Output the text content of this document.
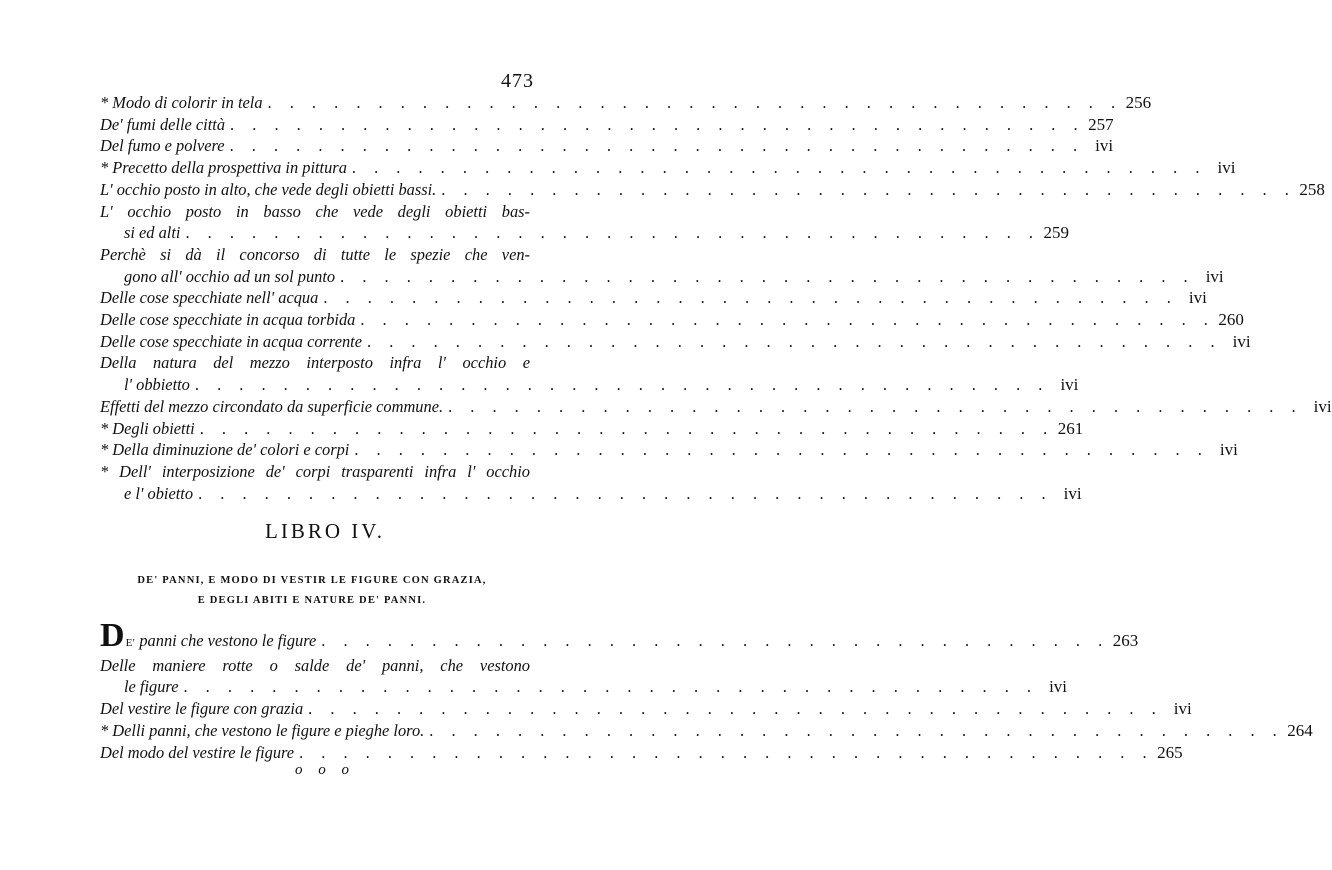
473
* Modo di colorir in tela . . . . . . . . . . . . . . . . . . . . . . . . . . . . . . . . . . . . . . . 256
De' fumi delle città . . . . . . . . . . . . . . . . . . . . . . . . . . . . . . . . . . . . . . . 257
Del fumo e polvere . . . . . . . . . . . . . . . . . . . . . . . . . . . . . . . . . . . . . . . ivi
* Precetto della prospettiva in pittura . . . . . . . . . . . . . . . . . . . . . . . . . . . . . . . . . . . . . . . ivi
L' occhio posto in alto, che vede degli obietti bassi. . . . . . . . . . . . . . . . . . . . . . . . . . . . . . . . . . . . . . . . 258
L' occhio posto in basso che vede degli obietti bas-
si ed alti . . . . . . . . . . . . . . . . . . . . . . . . . . . . . . . . . . . . . . . 259
Perchè si dà il concorso di tutte le spezie che ven-
gono all' occhio ad un sol punto . . . . . . . . . . . . . . . . . . . . . . . . . . . . . . . . . . . . . . . ivi
Delle cose specchiate nell' acqua . . . . . . . . . . . . . . . . . . . . . . . . . . . . . . . . . . . . . . . ivi
Delle cose specchiate in acqua torbida . . . . . . . . . . . . . . . . . . . . . . . . . . . . . . . . . . . . . . . 260
Delle cose specchiate in acqua corrente . . . . . . . . . . . . . . . . . . . . . . . . . . . . . . . . . . . . . . . ivi
Della natura del mezzo interposto infra l' occhio e
l' obbietto . . . . . . . . . . . . . . . . . . . . . . . . . . . . . . . . . . . . . . . ivi
Effetti del mezzo circondato da superficie commune. . . . . . . . . . . . . . . . . . . . . . . . . . . . . . . . . . . . . . . . ivi
* Degli obietti . . . . . . . . . . . . . . . . . . . . . . . . . . . . . . . . . . . . . . . 261
* Della diminuzione de' colori e corpi . . . . . . . . . . . . . . . . . . . . . . . . . . . . . . . . . . . . . . . ivi
* Dell' interposizione de' corpi trasparenti infra l' occhio
e l' obietto . . . . . . . . . . . . . . . . . . . . . . . . . . . . . . . . . . . . . . . ivi
LIBRO IV.
DE' PANNI, E MODO DI VESTIR LE FIGURE CON GRAZIA,
E DEGLI ABITI E NATURE DE' PANNI.
DE' panni che vestono le figure . . . . . . . . . . . . . . . . . . . . . . . . . . . . . . . . . . . . 263
Delle maniere rotte o salde de' panni, che vestono
le figure . . . . . . . . . . . . . . . . . . . . . . . . . . . . . . . . . . . . . . . ivi
Del vestire le figure con grazia . . . . . . . . . . . . . . . . . . . . . . . . . . . . . . . . . . . . . . . ivi
* Delli panni, che vestono le figure e pieghe loro. . . . . . . . . . . . . . . . . . . . . . . . . . . . . . . . . . . . . . . . 264
Del modo del vestire le figure . . . . . . . . . . . . . . . . . . . . . . . . . . . . . . . . . . . . . . . 265
o o o
